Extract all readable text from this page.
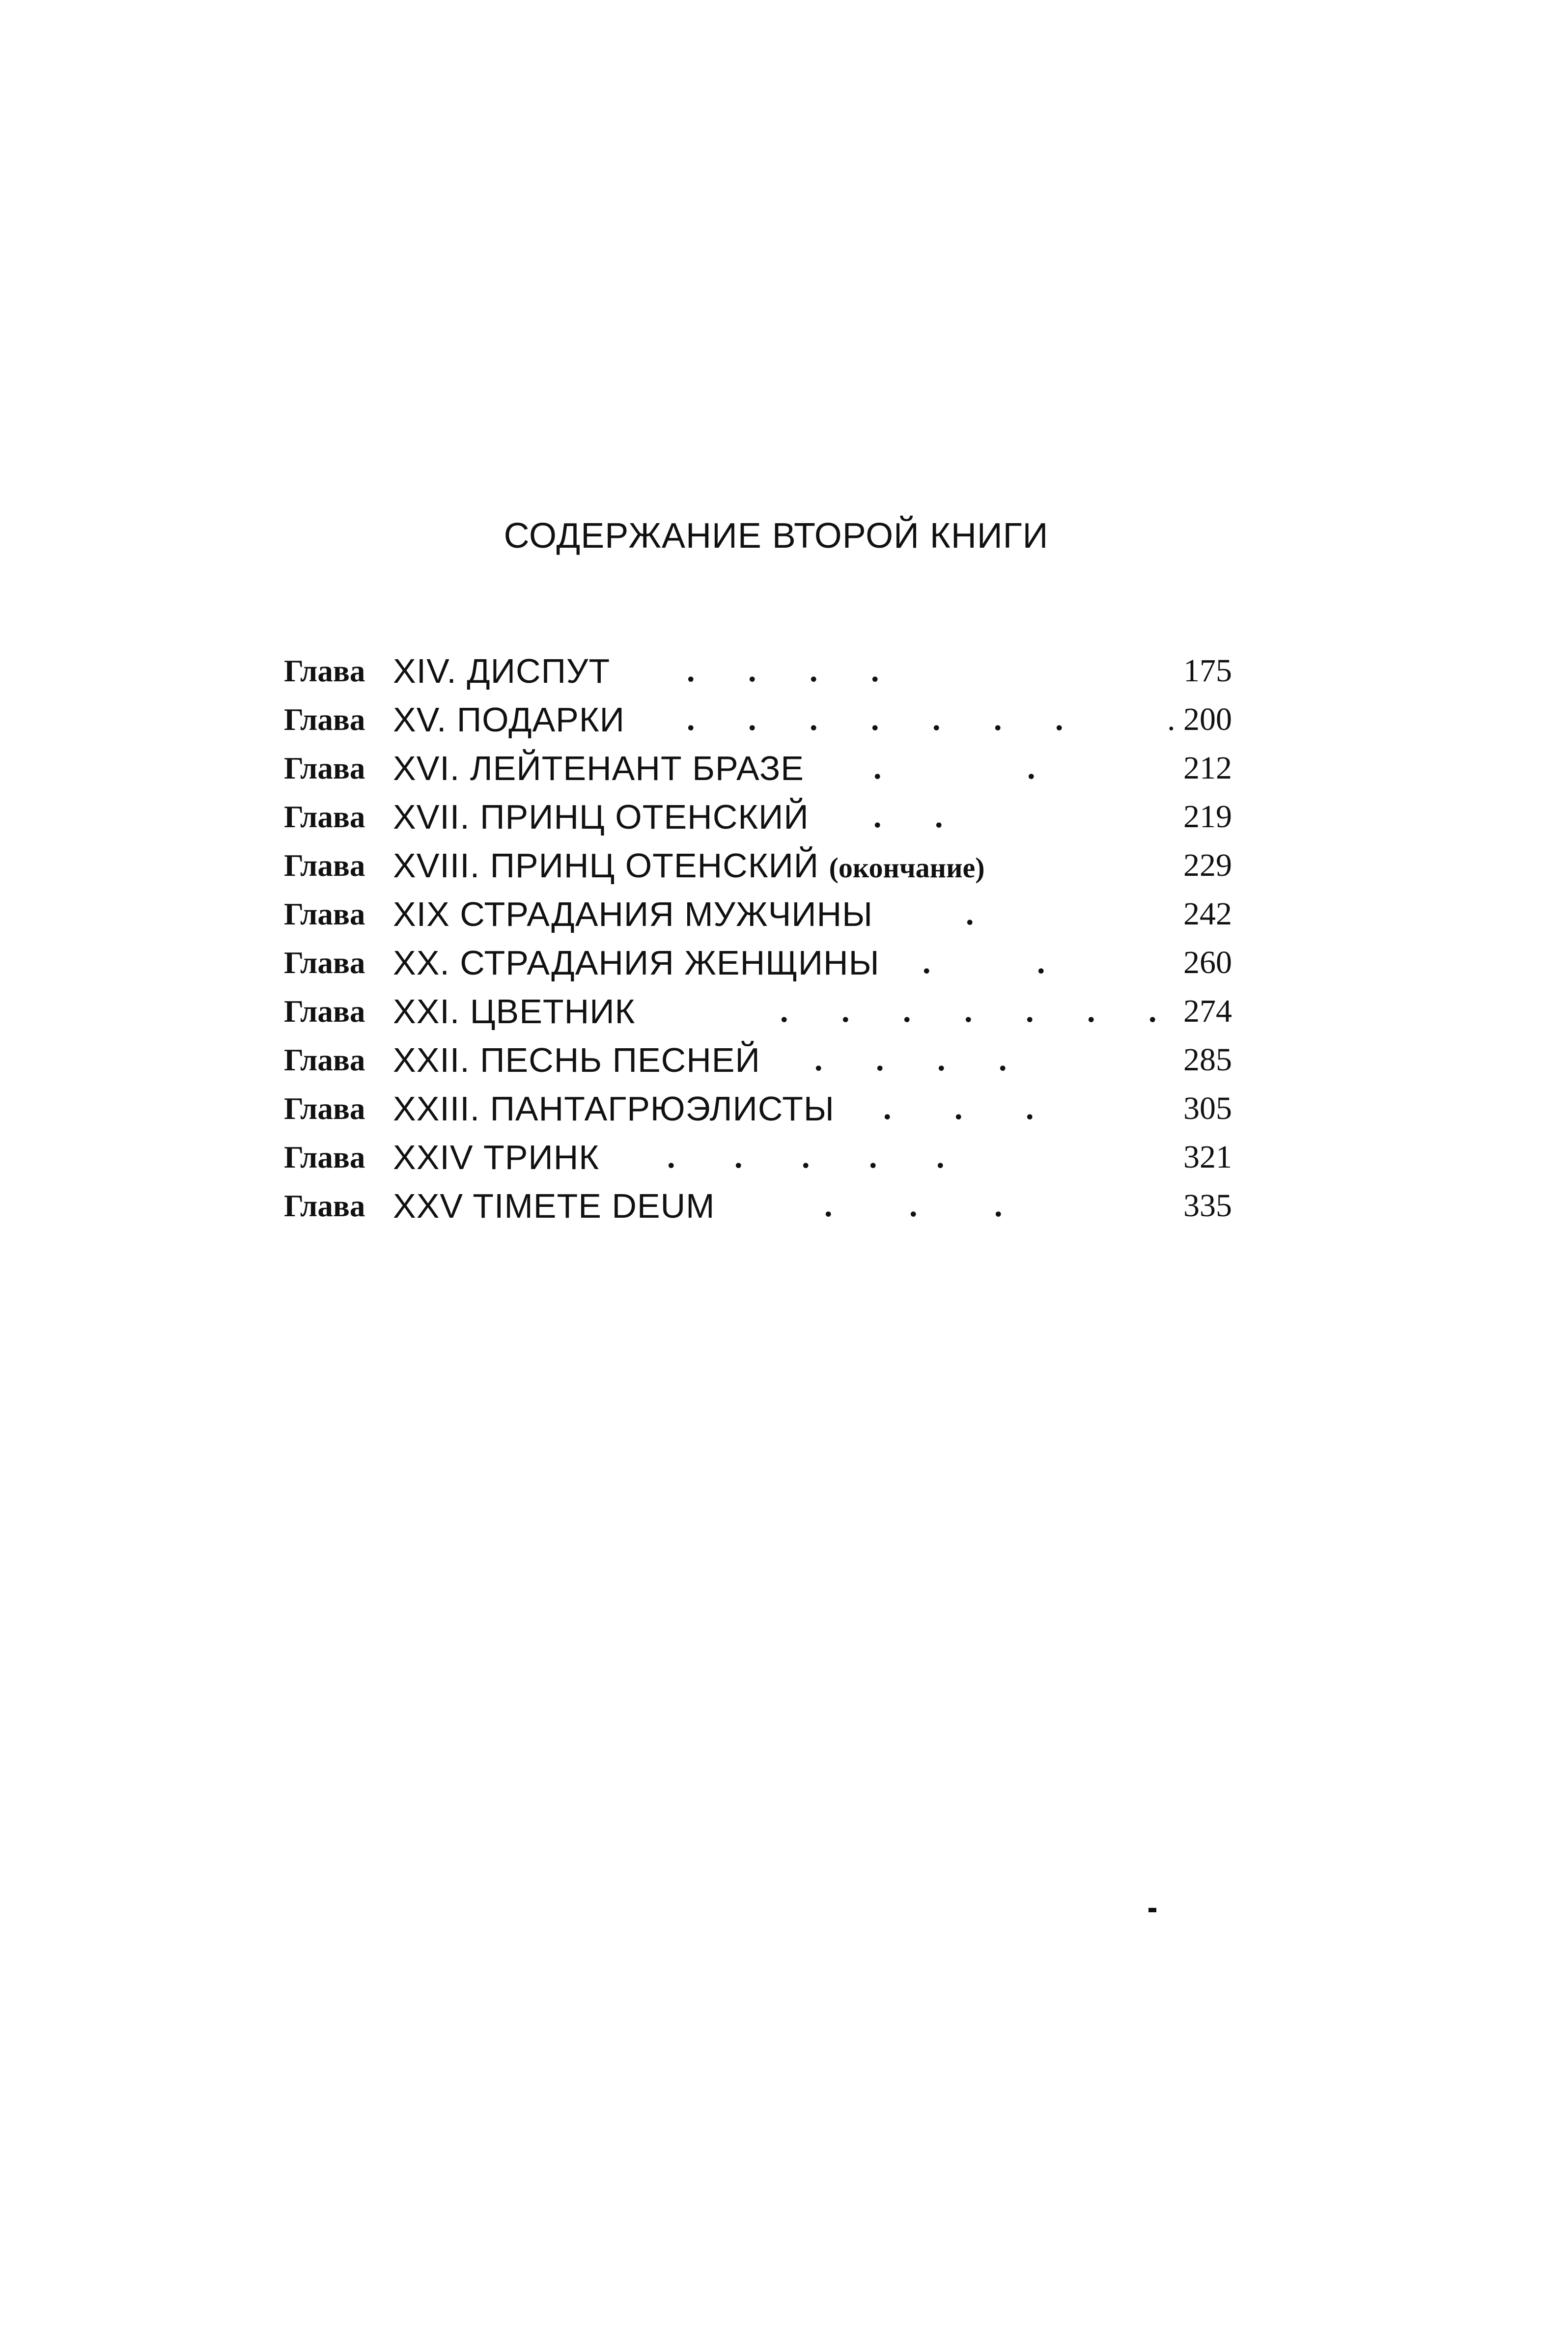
СОДЕРЖАНИЕ ВТОРОЙ КНИГИ
Глава XIV. ДИСПУТ . . . .	175
Глава XV. ПОДАРКИ . . . . . . .	. 200
Глава XVI. ЛЕЙТЕНАНТ БРАЗЕ . . 212
Глава XVII. ПРИНЦ ОТЕНСКИЙ . .	219
Глава XVIII. ПРИНЦ ОТЕНСКИЙ (окончание)	229
Глава XIX СТРАДАНИЯ МУЖЧИНЫ	.	242
Глава XX. СТРАДАНИЯ ЖЕНЩИНЫ . .	260
Глава XXI. ЦВЕТНИК	. . . . . . . 274
Глава XXII. ПЕСНЬ ПЕСНЕЙ . . . .	285
Глава XXIII. ПАНТАГРЮЭЛИСТЫ . . .	305
Глава XXIV ТРИНК . . . . .	321
Глава XXV TIMETE DEUM	. . .	335
